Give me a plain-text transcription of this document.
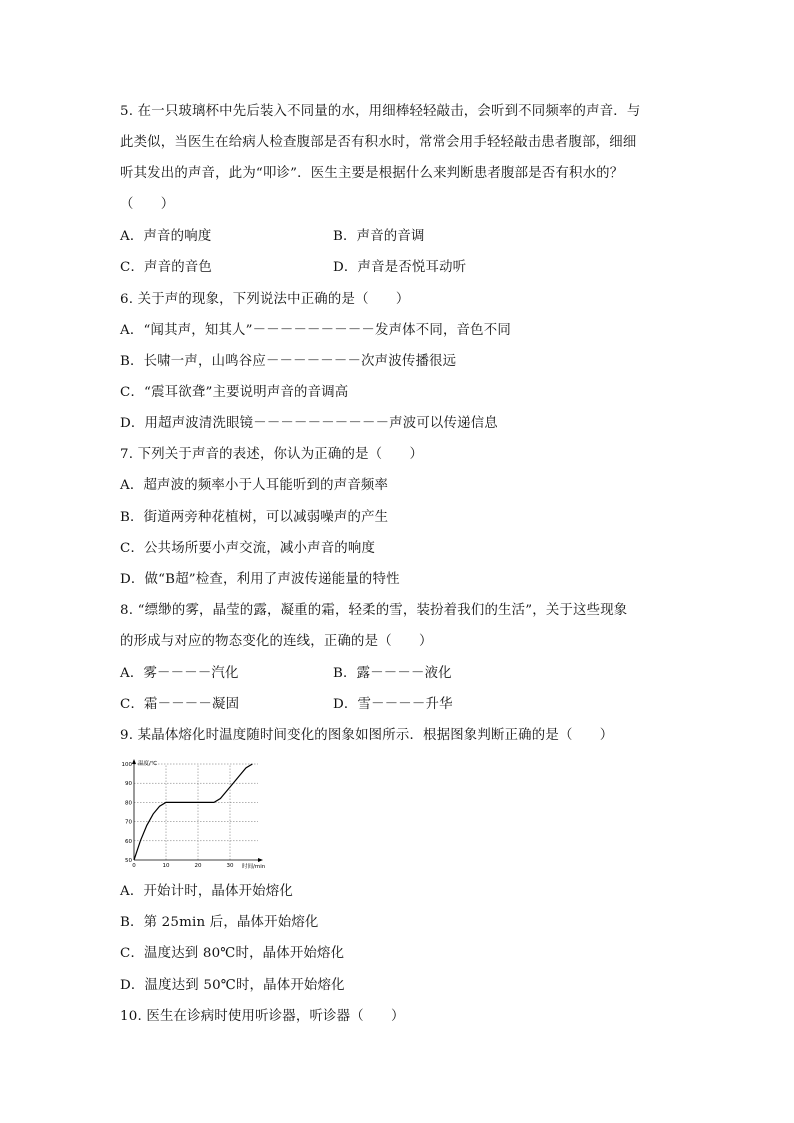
5. 在一只玻璃杯中先后装入不同量的水，用细棒轻轻敲击，会听到不同频率的声音．与
此类似，当医生在给病人检查腹部是否有积水时，常常会用手轻轻敲击患者腹部，细细
听其发出的声音，此为“叩诊”．医生主要是根据什么来判断患者腹部是否有积水的？
（　　）
A．声音的响度	B．声音的音调
C．声音的音色	D．声音是否悦耳动听
6. 关于声的现象，下列说法中正确的是（　　）
A．“闻其声，知其人”－－－－－－－－－发声体不同，音色不同
B．长啸一声，山鸣谷应－－－－－－－次声波传播很远
C．“震耳欲聋”主要说明声音的音调高
D．用超声波清洗眼镜－－－－－－－－－－声波可以传递信息
7. 下列关于声音的表述，你认为正确的是（　　）
A．超声波的频率小于人耳能听到的声音频率
B．街道两旁种花植树，可以减弱噪声的产生
C．公共场所要小声交流，减小声音的响度
D．做“B超”检查，利用了声波传递能量的特性
8. “缥缈的雾，晶莹的露，凝重的霜，轻柔的雪，装扮着我们的生活”，关于这些现象
的形成与对应的物态变化的连线，正确的是（　　）
A．雾－－－－汽化	B．露－－－－液化
C．霜－－－－凝固	D．雪－－－－升华
9. 某晶体熔化时温度随时间变化的图象如图所示．根据图象判断正确的是（　　）
温度/℃
时间/min
50
60
70
80
90
100
0	10	20	30
A．开始计时，晶体开始熔化
B．第 25min 后，晶体开始熔化
C．温度达到 80℃时，晶体开始熔化
D．温度达到 50℃时，晶体开始熔化
10. 医生在诊病时使用听诊器，听诊器（　　）
